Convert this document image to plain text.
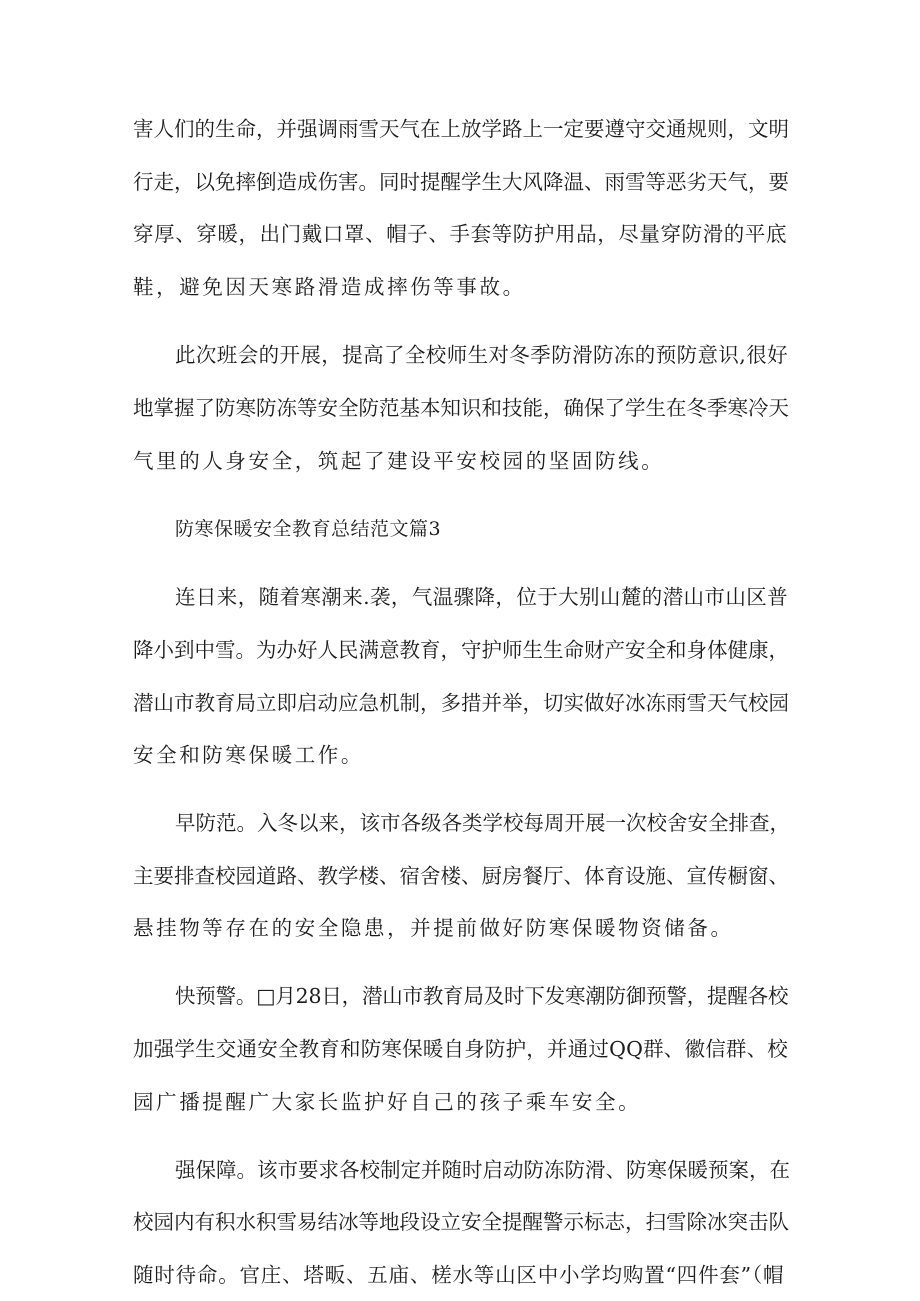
害人们的生命，并强调雨雪天气在上放学路上一定要遵守交通规则，文明

行走，以免摔倒造成伤害。同时提醒学生大风降温、雨雪等恶劣天气，要

穿厚、穿暖，出门戴口罩、帽子、手套等防护用品，尽量穿防滑的平底

鞋，避免因天寒路滑造成摔伤等事故。

此次班会的开展，提高了全校师生对冬季防滑防冻的预防意识,很好

地掌握了防寒防冻等安全防范基本知识和技能，确保了学生在冬季寒冷天

气里的人身安全，筑起了建设平安校园的坚固防线。

防寒保暖安全教育总结范文篇3

连日来，随着寒潮来.袭，气温骤降，位于大别山麓的潜山市山区普

降小到中雪。为办好人民满意教育，守护师生生命财产安全和身体健康，

潜山市教育局立即启动应急机制，多措并举，切实做好冰冻雨雪天气校园

安全和防寒保暖工作。

早防范。入冬以来，该市各级各类学校每周开展一次校舍安全排查，

主要排查校园道路、教学楼、宿舍楼、厨房餐厅、体育设施、宣传橱窗、

悬挂物等存在的安全隐患，并提前做好防寒保暖物资储备。

快预警。□月28日，潜山市教育局及时下发寒潮防御预警，提醒各校

加强学生交通安全教育和防寒保暖自身防护，并通过QQ群、徽信群、校

园广播提醒广大家长监护好自己的孩子乘车安全。

强保障。该市要求各校制定并随时启动防冻防滑、防寒保暖预案，在

校园内有积水积雪易结冰等地段设立安全提醒警示标志，扫雪除冰突击队

随时待命。官庄、塔畈、五庙、槎水等山区中小学均购置“四件套”（帽
